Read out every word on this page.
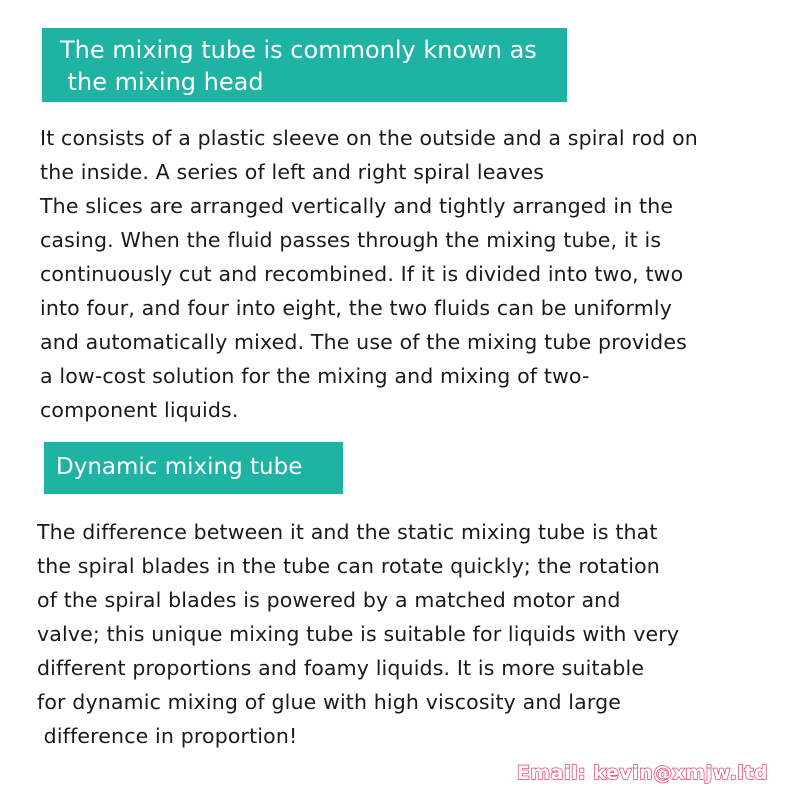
The mixing tube is commonly known as
the mixing head
It consists of a plastic sleeve on the outside and a spiral rod on
the inside. A series of left and right spiral leaves
The slices are arranged vertically and tightly arranged in the
casing. When the fluid passes through the mixing tube, it is
continuously cut and recombined. If it is divided into two, two
into four, and four into eight, the two fluids can be uniformly
and automatically mixed. The use of the mixing tube provides
a low-cost solution for the mixing and mixing of two-
component liquids.
Dynamic mixing tube
The difference between it and the static mixing tube is that
the spiral blades in the tube can rotate quickly; the rotation
of the spiral blades is powered by a matched motor and
valve; this unique mixing tube is suitable for liquids with very
different proportions and foamy liquids. It is more suitable
for dynamic mixing of glue with high viscosity and large
difference in proportion!
Email: kevin@xmjw.ltd
